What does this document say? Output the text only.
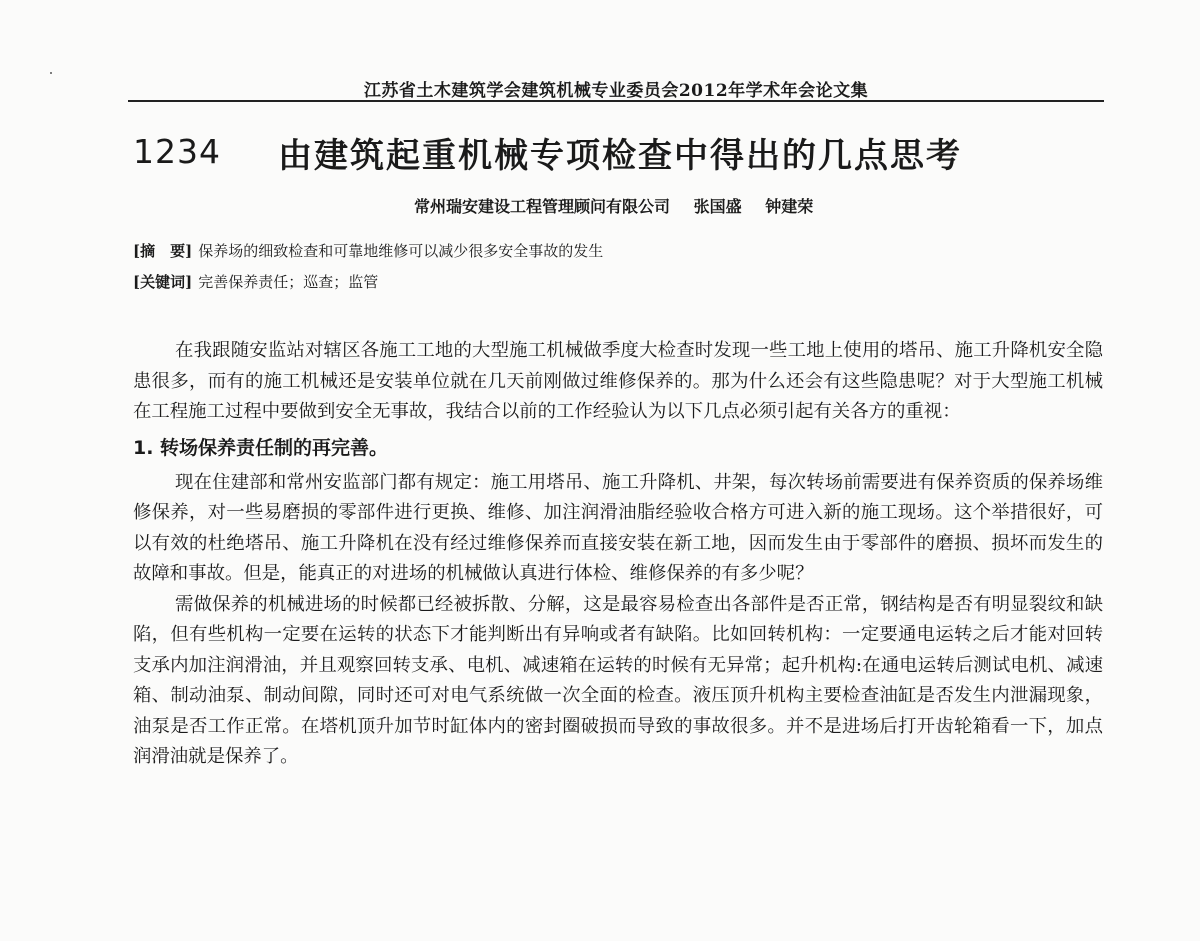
江苏省土木建筑学会建筑机械专业委员会2012年学术年会论文集
1234 由建筑起重机械专项检查中得出的几点思考
常州瑞安建设工程管理顾问有限公司 张国盛 钟建荣
[摘　要] 保养场的细致检查和可靠地维修可以减少很多安全事故的发生
[关键词] 完善保养责任；巡查；监管

在我跟随安监站对辖区各施工工地的大型施工机械做季度大检查时发现一些工地上使用的塔吊、施工升降机安全隐患很多，而有的施工机械还是安装单位就在几天前刚做过维修保养的。那为什么还会有这些隐患呢？对于大型施工机械在工程施工过程中要做到安全无事故，我结合以前的工作经验认为以下几点必须引起有关各方的重视：

1. 转场保养责任制的再完善。

现在住建部和常州安监部门都有规定：施工用塔吊、施工升降机、井架，每次转场前需要进有保养资质的保养场维修保养，对一些易磨损的零部件进行更换、维修、加注润滑油脂经验收合格方可进入新的施工现场。这个举措很好，可以有效的杜绝塔吊、施工升降机在没有经过维修保养而直接安装在新工地，因而发生由于零部件的磨损、损坏而发生的故障和事故。但是，能真正的对进场的机械做认真进行体检、维修保养的有多少呢？

需做保养的机械进场的时候都已经被拆散、分解，这是最容易检查出各部件是否正常，钢结构是否有明显裂纹和缺陷，但有些机构一定要在运转的状态下才能判断出有异响或者有缺陷。比如回转机构：一定要通电运转之后才能对回转支承内加注润滑油，并且观察回转支承、电机、减速箱在运转的时候有无异常；起升机构:在通电运转后测试电机、减速箱、制动油泵、制动间隙，同时还可对电气系统做一次全面的检查。液压顶升机构主要检查油缸是否发生内泄漏现象，油泵是否工作正常。在塔机顶升加节时缸体内的密封圈破损而导致的事故很多。并不是进场后打开齿轮箱看一下，加点润滑油就是保养了。
